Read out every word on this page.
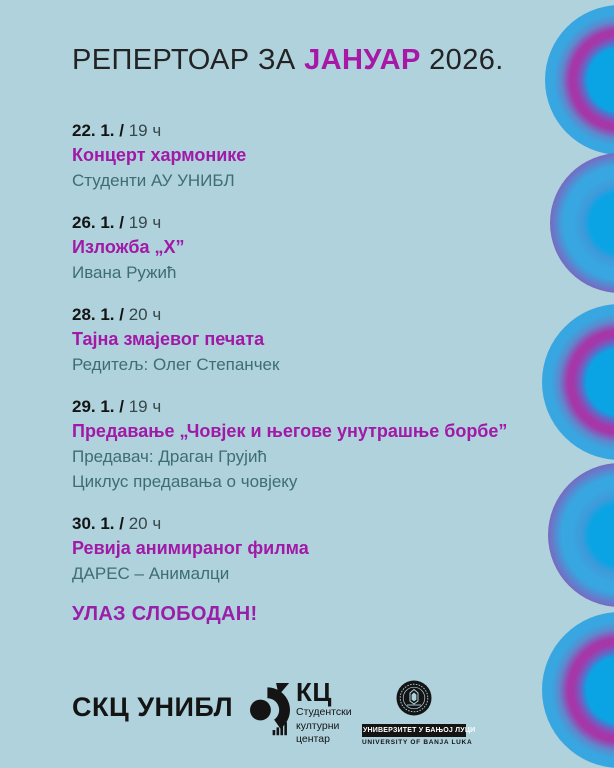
РЕПЕРТОАР ЗА ЈАНУАР 2026.
22. 1. / 19 ч
Концерт хармонике
Студенти АУ УНИБЛ
26. 1. / 19 ч
Изложба „Х”
Ивана Ружић
28. 1. / 20 ч
Тајна змајевог печата
Редитељ: Олег Степанчек
29. 1. / 19 ч
Предавање „Човјек и његове унутрашње борбе”
Предавач: Драган Грујић
Циклус предавања о човјеку
30. 1. / 20 ч
Ревија анимираног филма
ДАРЕС – Анималци
УЛАЗ СЛОБОДАН!
СКЦ УНИБЛ КЦ
Студентски
културни
центар
УНИВЕРЗИТЕТ У БАЊОЈ ЛУЦИ
UNIVERSITY OF BANJA LUKA
